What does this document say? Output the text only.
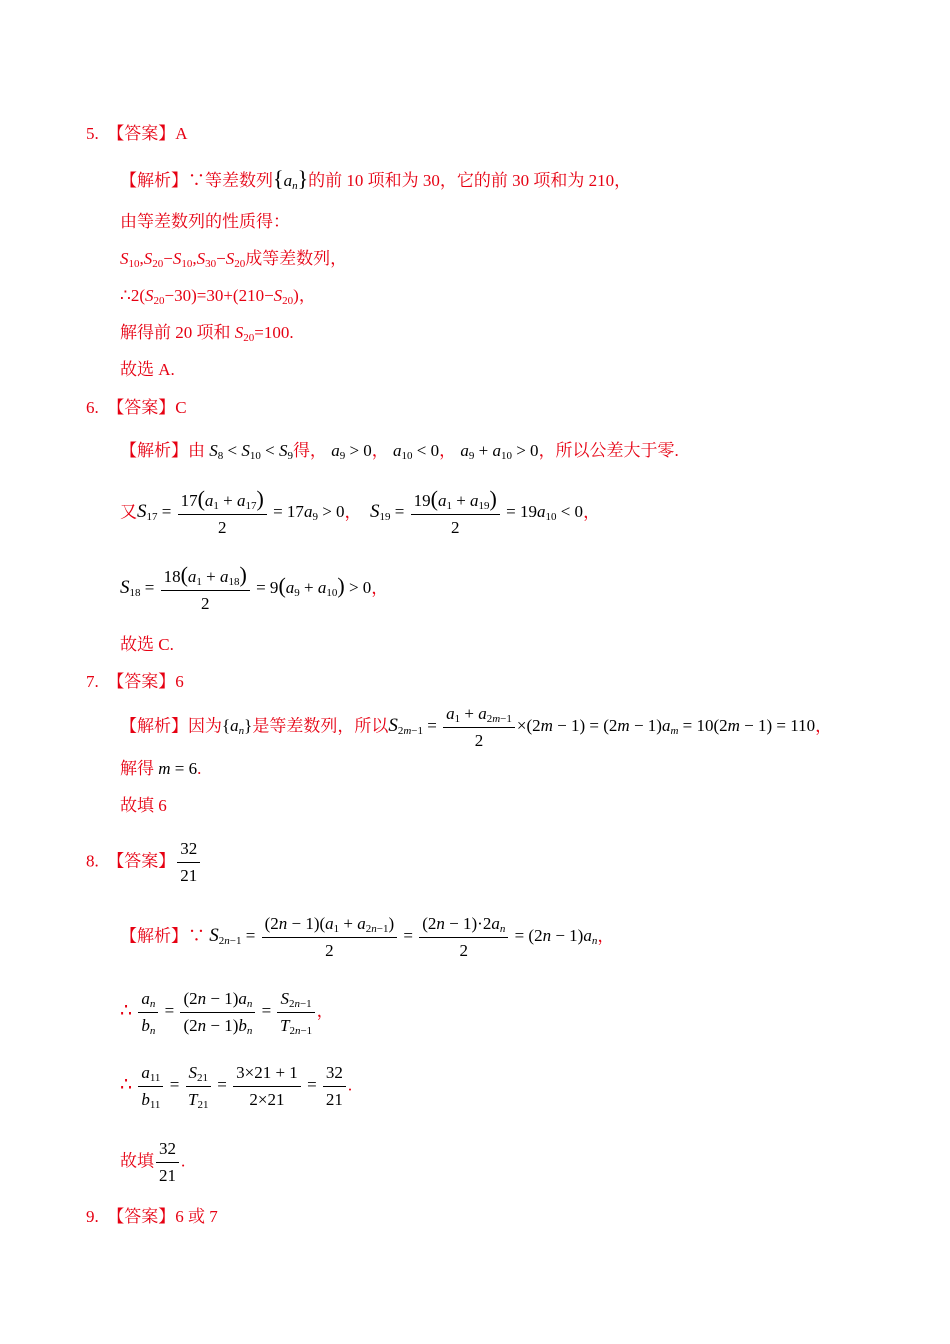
5. 【答案】A
【解析】∵等差数列$\{a_n\}$的前 10 项和为 30，它的前 30 项和为 210，
由等差数列的性质得：
$S_{10},S_{20}-S_{10},S_{30}-S_{20}$成等差数列，
$\therefore 2(S_{20}-30)=30+(210-S_{20})$，
解得前 20 项和 $S_{20}=100$.
故选 A.
6. 【答案】C
【解析】由 $S_8 < S_{10} < S_9$得， $a_9 > 0$， $a_{10} < 0$， $a_9 + a_{10} > 0$，所以公差大于零.
又$S_{17} = \frac{17(a_1 + a_{17})}{2} = 17a_9 > 0$， $S_{19} = \frac{19(a_1 + a_{19})}{2} = 19a_{10} < 0$，
$S_{18} = \frac{18(a_1 + a_{18})}{2} = 9(a_9 + a_{10}) > 0$，
故选 C.
7. 【答案】6
【解析】因为$\{a_n\}$是等差数列，所以$S_{2m-1} = \frac{a_1 + a_{2m-1}}{2} \times(2m - 1) = (2m - 1)a_m = 10(2m - 1) = 110$，
解得 m = 6.
故填 6
8. 【答案】 $\frac{32}{21}$
【解析】∵ $S_{2n-1} = \frac{(2n - 1)(a_1 + a_{2n-1})}{2} = \frac{(2n - 1)\cdot 2a_n}{2} = (2n - 1)a_n$，
∴ $\frac{a_n}{b_n} = \frac{(2n - 1)a_n}{(2n - 1)b_n} = \frac{S_{2n-1}}{T_{2n-1}}$ ，
∴ $\frac{a_{11}}{b_{11}} = \frac{S_{21}}{T_{21}} = \frac{3\times 21 + 1}{2\times 21} = \frac{32}{21}$ .
故填 $\frac{32}{21}$ .
9. 【答案】6 或 7
